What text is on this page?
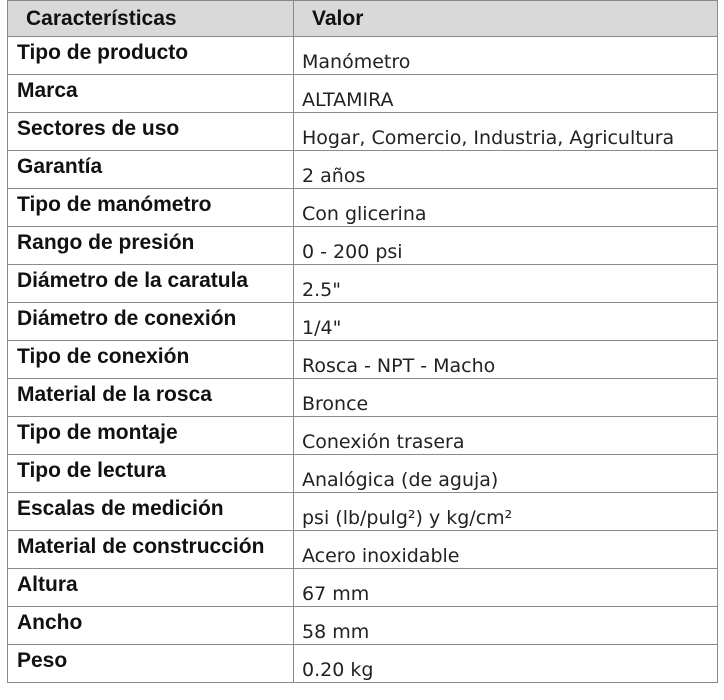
Características	Valor
Tipo de producto	Manómetro
Marca	ALTAMIRA
Sectores de uso	Hogar, Comercio, Industria, Agricultura
Garantía	2 años
Tipo de manómetro	Con glicerina
Rango de presión	0 - 200 psi
Diámetro de la caratula	2.5"
Diámetro de conexión	1/4"
Tipo de conexión	Rosca - NPT - Macho
Material de la rosca	Bronce
Tipo de montaje	Conexión trasera
Tipo de lectura	Analógica (de aguja)
Escalas de medición	psi (lb/pulg²) y kg/cm²
Material de construcción	Acero inoxidable
Altura	67 mm
Ancho	58 mm
Peso	0.20 kg
